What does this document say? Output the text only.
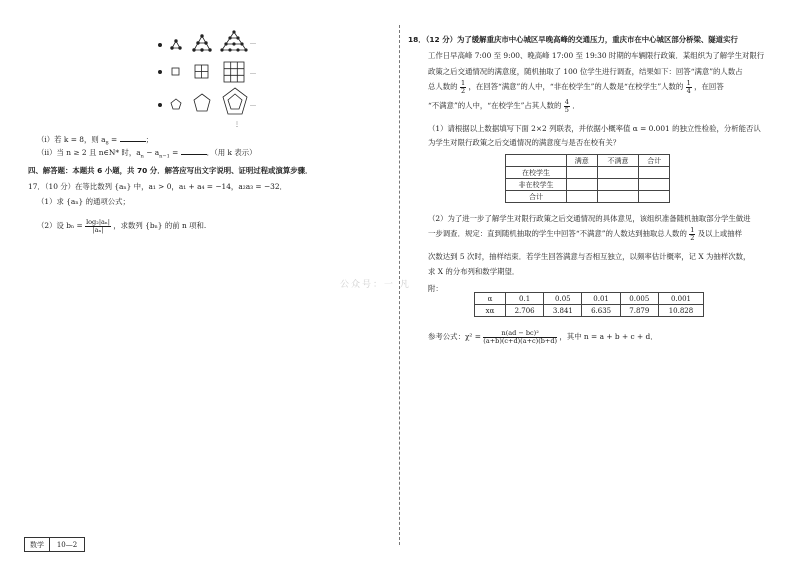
…
…
…
⋮
（i）若 k = 8，则 $a_8$ =	；
（ii）当 n ≥ 2 且 n∈N* 时，$a_n - a_{n-1}$ =	．（用 k 表示）
四、解答题：本题共 6 小题，共 70 分．解答应写出文字说明、证明过程或演算步骤．
17．（10 分）在等比数列 {aₙ} 中，a₁ > 0，a₁ + a₄ = −14，a₂a₃ = −32．
（1）求 {aₙ} 的通项公式；
（2）设 $b_n = \frac{\text{log₂|aₙ|}}{\text{|aₙ|}}$ ，求数列 {bₙ} 的前 n 项和.
18．（12 分）为了缓解重庆市中心城区早晚高峰的交通压力，重庆市在中心城区部分桥梁、隧道实行
工作日早高峰 7:00 至 9:00、晚高峰 17:00 至 19:30 时期的车辆限行政策．某组织为了解学生对限行
政策之后交通情况的满意度，随机抽取了 100 位学生进行调查，结果如下：回答“满意”的人数占
总人数的 $\frac{1}{2}$ ，在回答“满意”的人中，“非在校学生”的人数是“在校学生”人数的 $\frac{1}{4}$ ，在回答
“不满意”的人中，“在校学生”占其人数的 $\frac{4}{5}$ ．
（1）请根据以上数据填写下面 2×2 列联表，并依据小概率值 α = 0.001 的独立性检验，分析能否认
为学生对限行政策之后交通情况的满意度与是否在校有关？
	满意	不满意	合计
在校学生			
非在校学生			
合计			
（2）为了进一步了解学生对限行政策之后交通情况的具体意见，该组织准备随机抽取部分学生做进
一步调查．规定：直到随机抽取的学生中回答“不满意”的人数达到抽取总人数的 $\frac{1}{2}$ 及以上或抽样
次数达到 5 次时，抽样结束．若学生回答满意与否相互独立，以频率估计概率，记 X 为抽样次数，
求 X 的分布列和数学期望．
公众号：一 凡 附：
α	0.1	0.05	0.01	0.005	0.001
xα	2.706	3.841	6.635	7.879	10.828
参考公式：$\chi^2 = \frac{\text{n(ad − bc)²}}{(a+b)(c+d)(a+c)(b+d)}$ ，其中 n = a + b + c + d．
数学	10—2
